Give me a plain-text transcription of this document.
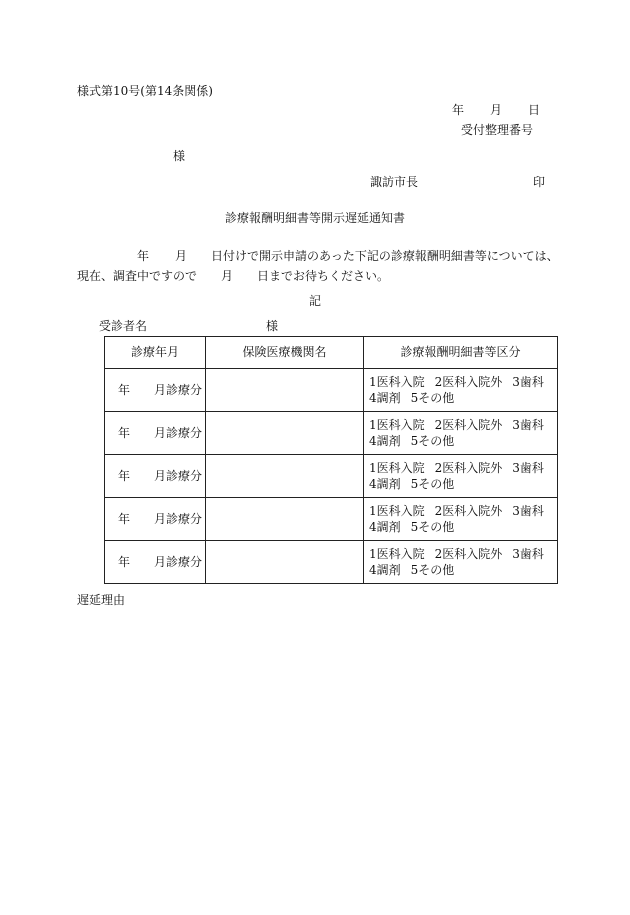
様式第10号(第14条関係)
年 月 日
受付整理番号
様
諏訪市長	印
診療報酬明細書等開示遅延通知書
年 月 日付けで開示申請のあった下記の診療報酬明細書等については、
現在、調査中ですので 月 日までお待ちください。
記
受診者名	様
診療年月	保険医療機関名	診療報酬明細書等区分
年 月診療分		1医科入院 2医科入院外 3歯科
4調剤 5その他
年 月診療分		1医科入院 2医科入院外 3歯科
4調剤 5その他
年 月診療分		1医科入院 2医科入院外 3歯科
4調剤 5その他
年 月診療分		1医科入院 2医科入院外 3歯科
4調剤 5その他
年 月診療分		1医科入院 2医科入院外 3歯科
4調剤 5その他
遅延理由
